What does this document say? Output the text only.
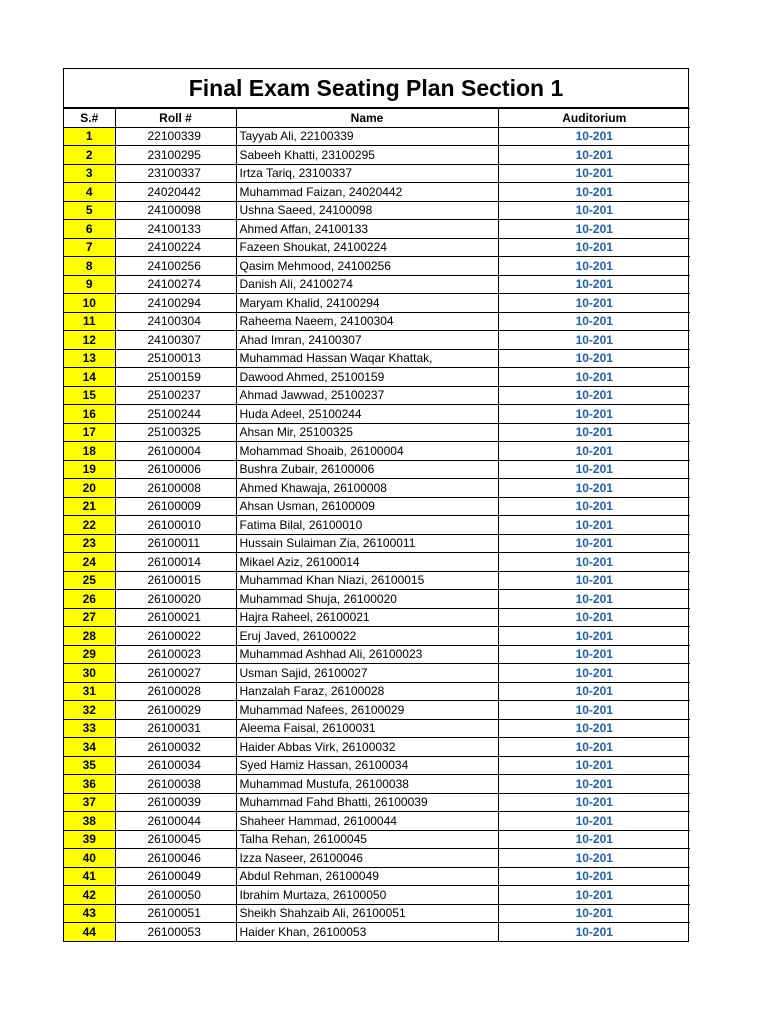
Final Exam Seating Plan Section 1
S.#	Roll #	Name	Auditorium
1	22100339	Tayyab Ali, 22100339	10-201
2	23100295	Sabeeh Khatti, 23100295	10-201
3	23100337	Irtza Tariq, 23100337	10-201
4	24020442	Muhammad Faizan, 24020442	10-201
5	24100098	Ushna Saeed, 24100098	10-201
6	24100133	Ahmed Affan, 24100133	10-201
7	24100224	Fazeen Shoukat, 24100224	10-201
8	24100256	Qasim Mehmood, 24100256	10-201
9	24100274	Danish Ali, 24100274	10-201
10	24100294	Maryam Khalid, 24100294	10-201
11	24100304	Raheema Naeem, 24100304	10-201
12	24100307	Ahad Imran, 24100307	10-201
13	25100013	Muhammad Hassan Waqar Khattak,	10-201
14	25100159	Dawood Ahmed, 25100159	10-201
15	25100237	Ahmad Jawwad, 25100237	10-201
16	25100244	Huda Adeel, 25100244	10-201
17	25100325	Ahsan Mir, 25100325	10-201
18	26100004	Mohammad Shoaib, 26100004	10-201
19	26100006	Bushra Zubair, 26100006	10-201
20	26100008	Ahmed Khawaja, 26100008	10-201
21	26100009	Ahsan Usman, 26100009	10-201
22	26100010	Fatima Bilal, 26100010	10-201
23	26100011	Hussain Sulaiman Zia, 26100011	10-201
24	26100014	Mikael Aziz, 26100014	10-201
25	26100015	Muhammad Khan Niazi, 26100015	10-201
26	26100020	Muhammad Shuja, 26100020	10-201
27	26100021	Hajra Raheel, 26100021	10-201
28	26100022	Eruj Javed, 26100022	10-201
29	26100023	Muhammad Ashhad Ali, 26100023	10-201
30	26100027	Usman Sajid, 26100027	10-201
31	26100028	Hanzalah Faraz, 26100028	10-201
32	26100029	Muhammad Nafees, 26100029	10-201
33	26100031	Aleema Faisal, 26100031	10-201
34	26100032	Haider Abbas Virk, 26100032	10-201
35	26100034	Syed Hamiz Hassan, 26100034	10-201
36	26100038	Muhammad Mustufa, 26100038	10-201
37	26100039	Muhammad Fahd Bhatti, 26100039	10-201
38	26100044	Shaheer Hammad, 26100044	10-201
39	26100045	Talha Rehan, 26100045	10-201
40	26100046	Izza Naseer, 26100046	10-201
41	26100049	Abdul Rehman, 26100049	10-201
42	26100050	Ibrahim Murtaza, 26100050	10-201
43	26100051	Sheikh Shahzaib Ali, 26100051	10-201
44	26100053	Haider Khan, 26100053	10-201
